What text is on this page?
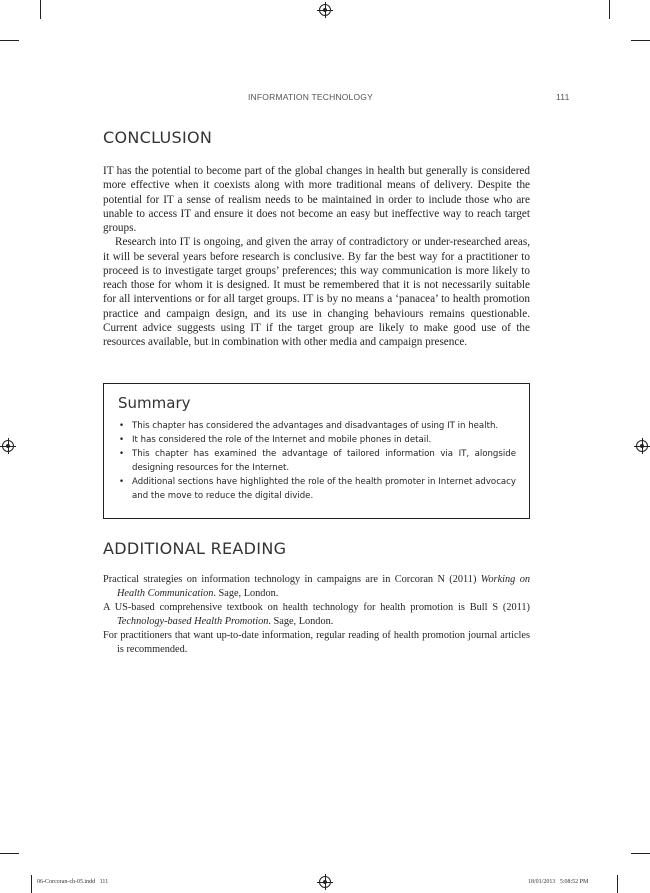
INFORMATION TECHNOLOGY	111
CONCLUSION

IT has the potential to become part of the global changes in health but generally is considered more effective when it coexists along with more traditional means of delivery. Despite the potential for IT a sense of realism needs to be maintained in order to include those who are unable to access IT and ensure it does not become an easy but ineffective way to reach target groups.

Research into IT is ongoing, and given the array of contradictory or under-researched areas, it will be several years before research is conclusive. By far the best way for a practitioner to proceed is to investigate target groups’ preferences; this way communication is more likely to reach those for whom it is designed. It must be remembered that it is not necessarily suitable for all interventions or for all target groups. IT is by no means a ‘panacea’ to health promotion practice and campaign design, and its use in changing behaviours remains questionable. Current advice suggests using IT if the target group are likely to make good use of the resources available, but in combination with other media and campaign presence.

Summary
• This chapter has considered the advantages and disadvantages of using IT in health.
• It has considered the role of the Internet and mobile phones in detail.
• This chapter has examined the advantage of tailored information via IT, alongside designing resources for the Internet.
• Additional sections have highlighted the role of the health promoter in Internet advocacy and the move to reduce the digital divide.
ADDITIONAL READING

Practical strategies on information technology in campaigns are in Corcoran N (2011) Working on Health Communication. Sage, London.

A US-based comprehensive textbook on health technology for health promotion is Bull S (2011) Technology-based Health Promotion. Sage, London.

For practitioners that want up-to-date information, regular reading of health promotion journal articles is recommended.

06-Corcoran-ch-05.indd   111	18/01/2013   5:08:52 PM
